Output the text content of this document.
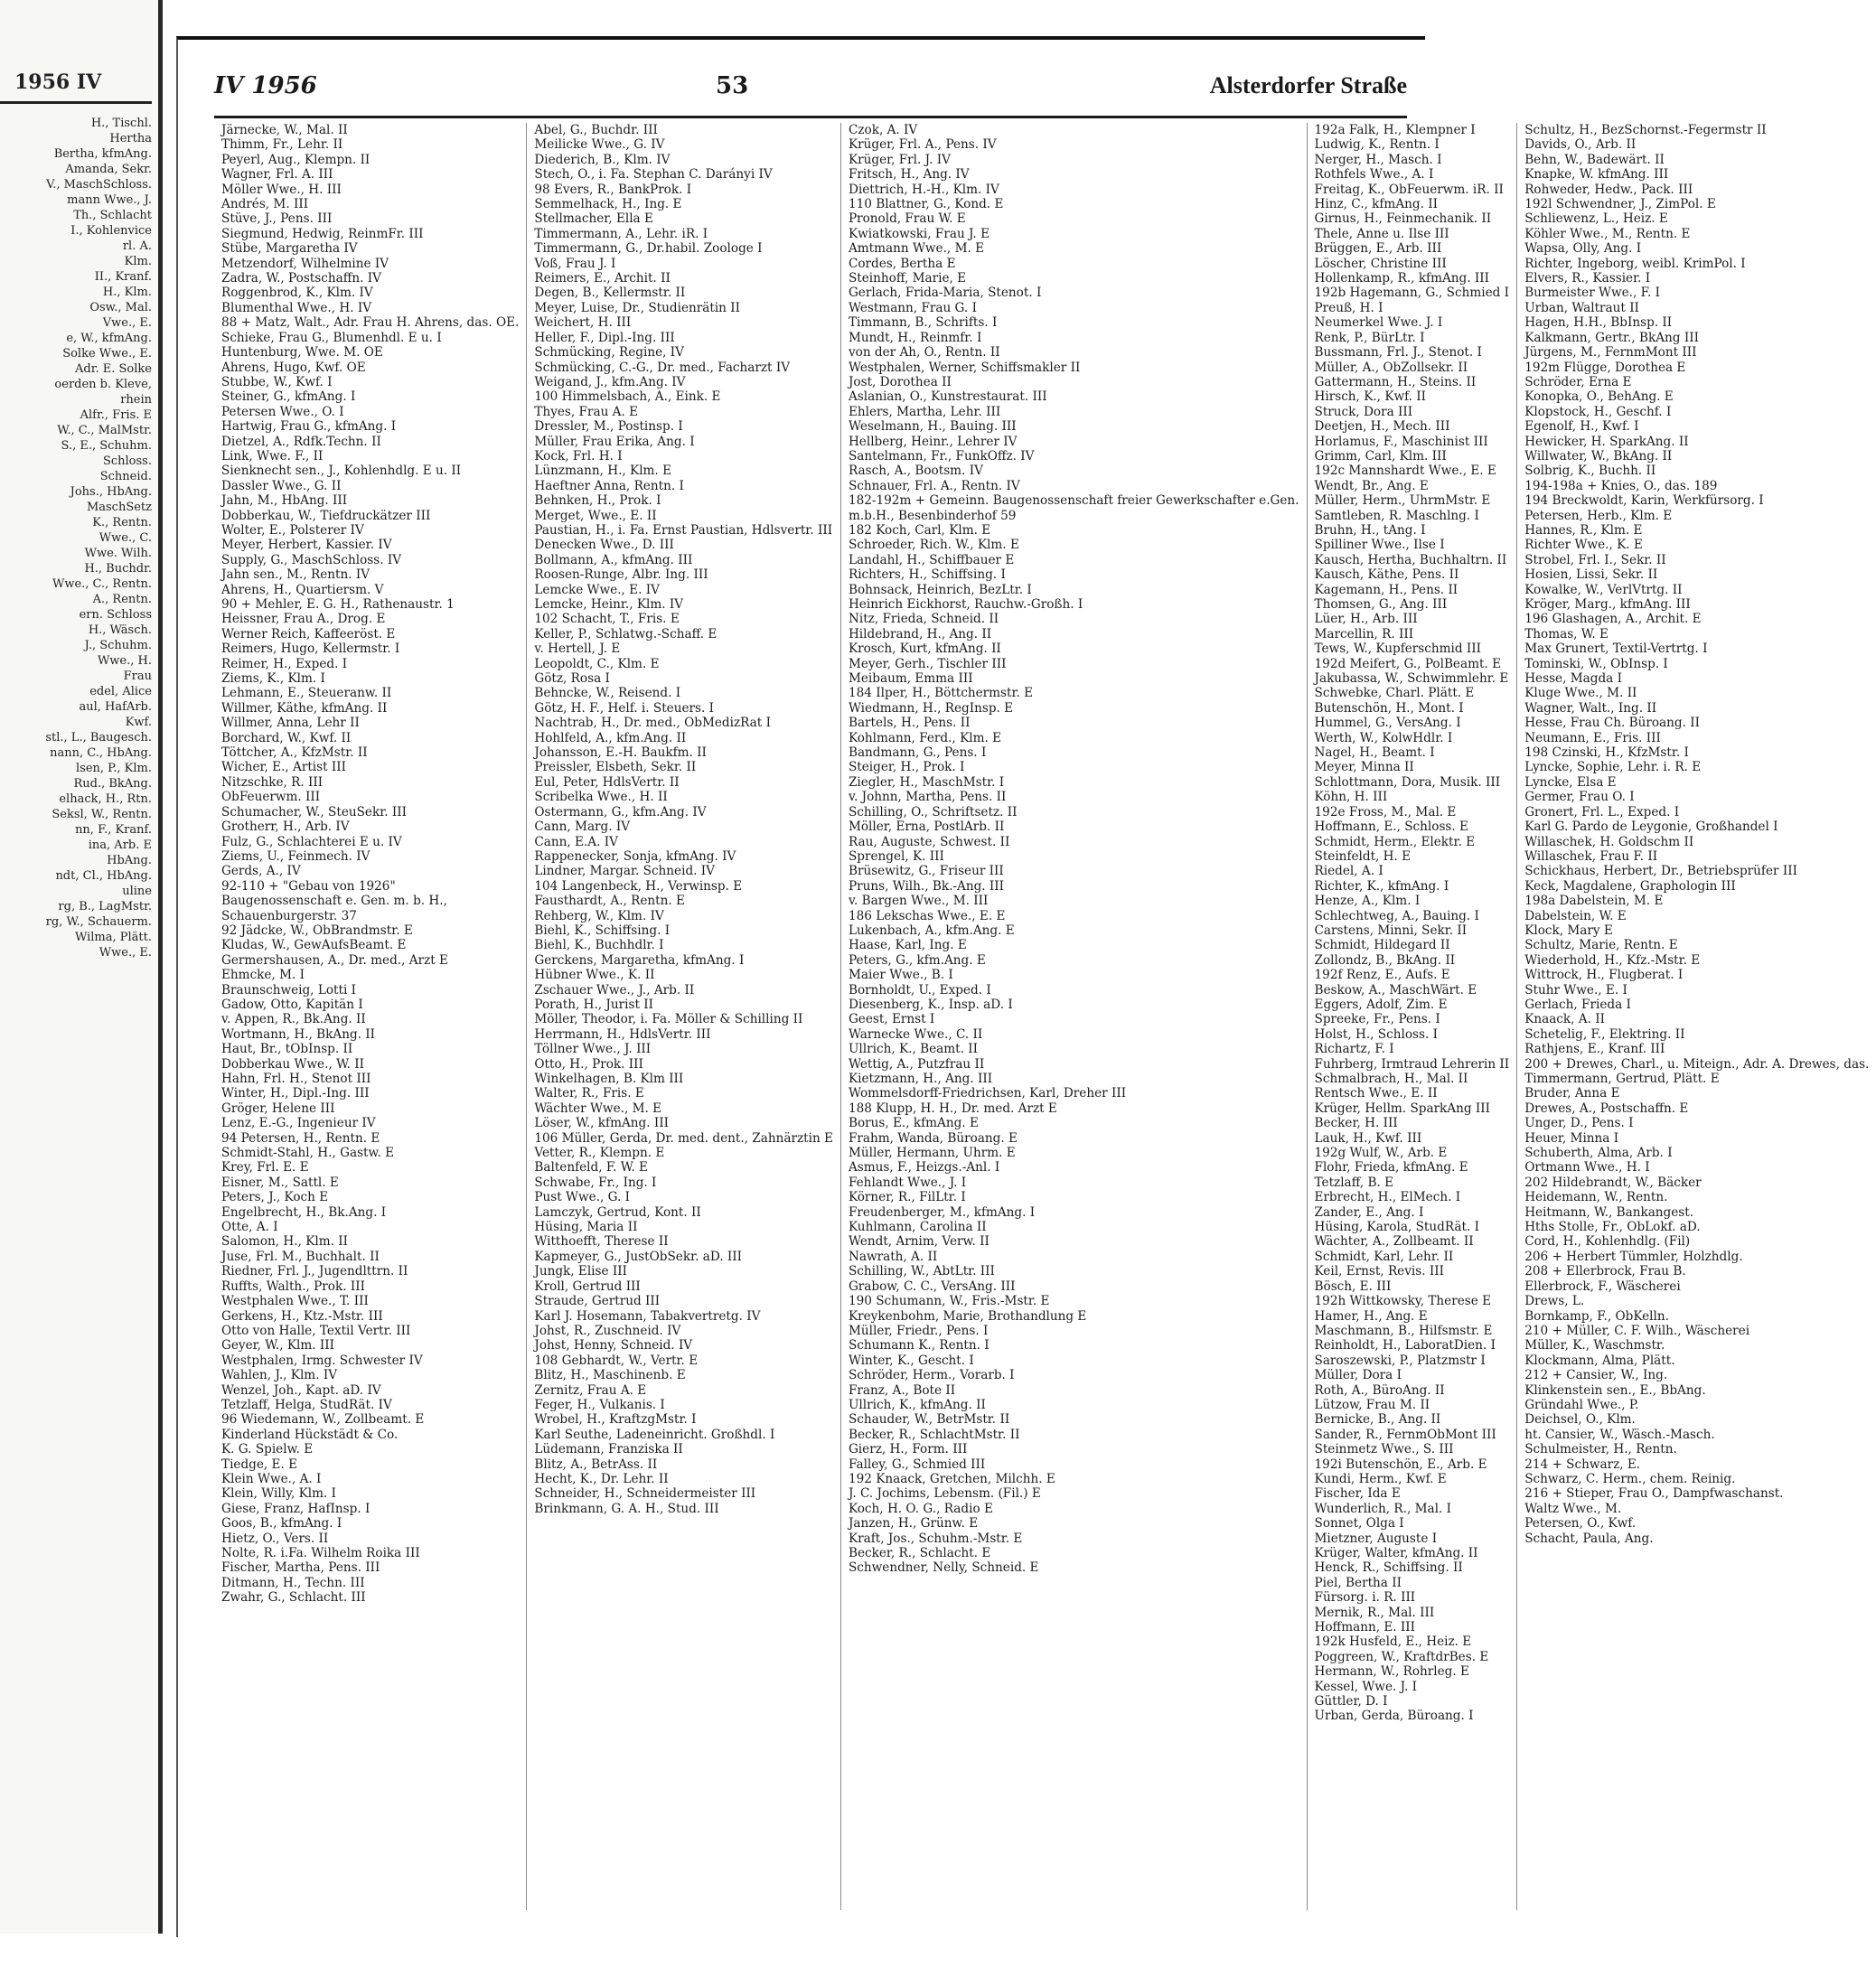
1956 IV
H., Tischl.
Hertha
Bertha, kfmAng.
Amanda, Sekr.
V., MaschSchloss.
mann Wwe., J.
Th., Schlacht
I., Kohlenvice
rl. A.
Klm.
II., Kranf.
H., Klm.
Osw., Mal.
Vwe., E.
e, W., kfmAng.
Solke Wwe., E.
Adr. E. Solke
oerden b. Kleve,
rhein
Alfr., Fris. E
W., C., MalMstr.
S., E., Schuhm.
Schloss.
Schneid.
Johs., HbAng.
MaschSetz
K., Rentn.
Wwe., C.
Wwe. Wilh.
H., Buchdr.
Wwe., C., Rentn.
A., Rentn.
ern. Schloss
H., Wäsch.
J., Schuhm.
Wwe., H.
Frau
edel, Alice
aul, HafArb.
Kwf.
stl., L., Baugesch.
nann, C., HbAng.
lsen, P., Klm.
Rud., BkAng.
elhack, H., Rtn.
Seksl, W., Rentn.
nn, F., Kranf.
ina, Arb. E
HbAng.
ndt, Cl., HbAng.
uline
rg, B., LagMstr.
rg, W., Schauerm.
Wilma, Plätt.
Wwe., E.
IV 1956	53	Alsterdorfer Straße
Järnecke, W., Mal. II
Thimm, Fr., Lehr. II
Peyerl, Aug., Klempn. II
Wagner, Frl. A. III
Möller Wwe., H. III
Andrés, M. III
Stüve, J., Pens. III
Siegmund, Hedwig, ReinmFr. III
Stübe, Margaretha IV
Metzendorf, Wilhelmine IV
Zadra, W., Postschaffn. IV
Roggenbrod, K., Klm. IV
Blumenthal Wwe., H. IV
88 + Matz, Walt., Adr. Frau H. Ahrens, das. OE.
Schieke, Frau G., Blumenhdl. E u. I
Huntenburg, Wwe. M. OE
Ahrens, Hugo, Kwf. OE
Stubbe, W., Kwf. I
Steiner, G., kfmAng. I
Petersen Wwe., O. I
Hartwig, Frau G., kfmAng. I
Dietzel, A., Rdfk.Techn. II
Link, Wwe. F., II
Sienknecht sen., J., Kohlenhdlg. E u. II
Dassler Wwe., G. II
Jahn, M., HbAng. III
Dobberkau, W., Tiefdruckätzer III
Wolter, E., Polsterer IV
Meyer, Herbert, Kassier. IV
Supply, G., MaschSchloss. IV
Jahn sen., M., Rentn. IV
Ahrens, H., Quartiersm. V
90 + Mehler, E. G. H., Rathenaustr. 1
Heissner, Frau A., Drog. E
Werner Reich, Kaffeeröst. E
Reimers, Hugo, Kellermstr. I
Reimer, H., Exped. I
Ziems, K., Klm. I
Lehmann, E., Steueranw. II
Willmer, Käthe, kfmAng. II
Willmer, Anna, Lehr II
Borchard, W., Kwf. II
Töttcher, A., KfzMstr. II
Wicher, E., Artist III
Nitzschke, R. III
ObFeuerwm. III
Schumacher, W., SteuSekr. III
Grotherr, H., Arb. IV
Fulz, G., Schlachterei E u. IV
Ziems, U., Feinmech. IV
Gerds, A., IV
92-110 + "Gebau von 1926"
Baugenossenschaft e. Gen. m. b. H.,
Schauenburgerstr. 37
92 Jädcke, W., ObBrandmstr. E
Kludas, W., GewAufsBeamt. E
Germershausen, A., Dr. med., Arzt E
Ehmcke, M. I
Braunschweig, Lotti I
Gadow, Otto, Kapitän I
v. Appen, R., Bk.Ang. II
Wortmann, H., BkAng. II
Haut, Br., tObInsp. II
Dobberkau Wwe., W. II
Hahn, Frl. H., Stenot III
Winter, H., Dipl.-Ing. III
Gröger, Helene III
Lenz, E.-G., Ingenieur IV
94 Petersen, H., Rentn. E
Schmidt-Stahl, H., Gastw. E
Krey, Frl. E. E
Eisner, M., Sattl. E
Peters, J., Koch E
Engelbrecht, H., Bk.Ang. I
Otte, A. I
Salomon, H., Klm. II
Juse, Frl. M., Buchhalt. II
Riedner, Frl. J., Jugendlttrn. II
Ruffts, Walth., Prok. III
Westphalen Wwe., T. III
Gerkens, H., Ktz.-Mstr. III
Otto von Halle, Textil Vertr. III
Geyer, W., Klm. III
Westphalen, Irmg. Schwester IV
Wahlen, J., Klm. IV
Wenzel, Joh., Kapt. aD. IV
Tetzlaff, Helga, StudRät. IV
96 Wiedemann, W., Zollbeamt. E
Kinderland Hückstädt & Co.
K. G. Spielw. E
Tiedge, E. E
Klein Wwe., A. I
Klein, Willy, Klm. I
Giese, Franz, HafInsp. I
Goos, B., kfmAng. I
Hietz, O., Vers. II
Nolte, R. i.Fa. Wilhelm Roika III
Fischer, Martha, Pens. III
Ditmann, H., Techn. III
Zwahr, G., Schlacht. III
Abel, G., Buchdr. III
Meilicke Wwe., G. IV
Diederich, B., Klm. IV
Stech, O., i. Fa. Stephan C. Darányi IV
98 Evers, R., BankProk. I
Semmelhack, H., Ing. E
Stellmacher, Ella E
Timmermann, A., Lehr. iR. I
Timmermann, G., Dr.habil. Zoologe I
Voß, Frau J. I
Reimers, E., Archit. II
Degen, B., Kellermstr. II
Meyer, Luise, Dr., Studienrätin II
Weichert, H. III
Heller, F., Dipl.-Ing. III
Schmücking, Regine, IV
Schmücking, C.-G., Dr. med., Facharzt IV
Weigand, J., kfm.Ang. IV
100 Himmelsbach, A., Eink. E
Thyes, Frau A. E
Dressler, M., Postinsp. I
Müller, Frau Erika, Ang. I
Kock, Frl. H. I
Lünzmann, H., Klm. E
Haeftner Anna, Rentn. I
Behnken, H., Prok. I
Merget, Wwe., E. II
Paustian, H., i. Fa. Ernst Paustian, Hdlsvertr. III
Denecken Wwe., D. III
Bollmann, A., kfmAng. III
Roosen-Runge, Albr. Ing. III
Lemcke Wwe., E. IV
Lemcke, Heinr., Klm. IV
102 Schacht, T., Fris. E
Keller, P., Schlatwg.-Schaff. E
v. Hertell, J. E
Leopoldt, C., Klm. E
Götz, Rosa I
Behncke, W., Reisend. I
Götz, H. F., Helf. i. Steuers. I
Nachtrab, H., Dr. med., ObMedizRat I
Hohlfeld, A., kfm.Ang. II
Johansson, E.-H. Baukfm. II
Preissler, Elsbeth, Sekr. II
Eul, Peter, HdlsVertr. II
Scribelka Wwe., H. II
Ostermann, G., kfm.Ang. IV
Cann, Marg. IV
Cann, E.A. IV
Rappenecker, Sonja, kfmAng. IV
Lindner, Margar. Schneid. IV
104 Langenbeck, H., Verwinsp. E
Fausthardt, A., Rentn. E
Rehberg, W., Klm. IV
Biehl, K., Schiffsing. I
Biehl, K., Buchhdlr. I
Gerckens, Margaretha, kfmAng. I
Hübner Wwe., K. II
Zschauer Wwe., J., Arb. II
Porath, H., Jurist II
Möller, Theodor, i. Fa. Möller & Schilling II
Herrmann, H., HdlsVertr. III
Töllner Wwe., J. III
Otto, H., Prok. III
Winkelhagen, B. Klm III
Walter, R., Fris. E
Wächter Wwe., M. E
Löser, W., kfmAng. III
106 Müller, Gerda, Dr. med. dent., Zahnärztin E
Vetter, R., Klempn. E
Baltenfeld, F. W. E
Schwabe, Fr., Ing. I
Pust Wwe., G. I
Lamczyk, Gertrud, Kont. II
Hüsing, Maria II
Witthoefft, Therese II
Kapmeyer, G., JustObSekr. aD. III
Jungk, Elise III
Kroll, Gertrud III
Straude, Gertrud III
Karl J. Hosemann, Tabakvertretg. IV
Johst, R., Zuschneid. IV
Johst, Henny, Schneid. IV
108 Gebhardt, W., Vertr. E
Blitz, H., Maschinenb. E
Zernitz, Frau A. E
Feger, H., Vulkanis. I
Wrobel, H., KraftzgMstr. I
Karl Seuthe, Ladeneinricht. Großhdl. I
Lüdemann, Franziska II
Blitz, A., BetrAss. II
Hecht, K., Dr. Lehr. II
Schneider, H., Schneidermeister III
Brinkmann, G. A. H., Stud. III
Czok, A. IV
Krüger, Frl. A., Pens. IV
Krüger, Frl. J. IV
Fritsch, H., Ang. IV
Diettrich, H.-H., Klm. IV
110 Blattner, G., Kond. E
Pronold, Frau W. E
Kwiatkowski, Frau J. E
Amtmann Wwe., M. E
Cordes, Bertha E
Steinhoff, Marie, E
Gerlach, Frida-Maria, Stenot. I
Westmann, Frau G. I
Timmann, B., Schrifts. I
Mundt, H., Reinmfr. I
von der Ah, O., Rentn. II
Westphalen, Werner, Schiffsmakler II
Jost, Dorothea II
Aslanian, O., Kunstrestaurat. III
Ehlers, Martha, Lehr. III
Weselmann, H., Bauing. III
Hellberg, Heinr., Lehrer IV
Santelmann, Fr., FunkOffz. IV
Rasch, A., Bootsm. IV
Schnauer, Frl. A., Rentn. IV
182-192m + Gemeinn. Baugenossenschaft freier Gewerkschafter e.Gen.
m.b.H., Besenbinderhof 59
182 Koch, Carl, Klm. E
Schroeder, Rich. W., Klm. E
Landahl, H., Schiffbauer E
Richters, H., Schiffsing. I
Bohnsack, Heinrich, BezLtr. I
Heinrich Eickhorst, Rauchw.-Großh. I
Nitz, Frieda, Schneid. II
Hildebrand, H., Ang. II
Krosch, Kurt, kfmAng. II
Meyer, Gerh., Tischler III
Meibaum, Emma III
184 Ilper, H., Böttchermstr. E
Wiedmann, H., RegInsp. E
Bartels, H., Pens. II
Kohlmann, Ferd., Klm. E
Bandmann, G., Pens. I
Steiger, H., Prok. I
Ziegler, H., MaschMstr. I
v. Johnn, Martha, Pens. II
Schilling, O., Schriftsetz. II
Möller, Erna, PostlArb. II
Rau, Auguste, Schwest. II
Sprengel, K. III
Brüsewitz, G., Friseur III
Pruns, Wilh., Bk.-Ang. III
v. Bargen Wwe., M. III
186 Lekschas Wwe., E. E
Lukenbach, A., kfm.Ang. E
Haase, Karl, Ing. E
Peters, G., kfm.Ang. E
Maier Wwe., B. I
Bornholdt, U., Exped. I
Diesenberg, K., Insp. aD. I
Geest, Ernst I
Warnecke Wwe., C. II
Ullrich, K., Beamt. II
Wettig, A., Putzfrau II
Kietzmann, H., Ang. III
Wommelsdorff-Friedrichsen, Karl, Dreher III
188 Klupp, H. H., Dr. med. Arzt E
Borus, E., kfmAng. E
Frahm, Wanda, Büroang. E
Müller, Hermann, Uhrm. E
Asmus, F., Heizgs.-Anl. I
Fehlandt Wwe., J. I
Körner, R., FilLtr. I
Freudenberger, M., kfmAng. I
Kuhlmann, Carolina II
Wendt, Arnim, Verw. II
Nawrath, A. II
Schilling, W., AbtLtr. III
Grabow, C. C., VersAng. III
190 Schumann, W., Fris.-Mstr. E
Kreykenbohm, Marie, Brothandlung E
Müller, Friedr., Pens. I
Schumann K., Rentn. I
Winter, K., Gescht. I
Schröder, Herm., Vorarb. I
Franz, A., Bote II
Ullrich, K., kfmAng. II
Schauder, W., BetrMstr. II
Becker, R., SchlachtMstr. II
Gierz, H., Form. III
Falley, G., Schmied III
192 Knaack, Gretchen, Milchh. E
J. C. Jochims, Lebensm. (Fil.) E
Koch, H. O. G., Radio E
Janzen, H., Grünw. E
Kraft, Jos., Schuhm.-Mstr. E
Becker, R., Schlacht. E
Schwendner, Nelly, Schneid. E
192a Falk, H., Klempner I
Ludwig, K., Rentn. I
Nerger, H., Masch. I
Rothfels Wwe., A. I
Freitag, K., ObFeuerwm. iR. II
Hinz, C., kfmAng. II
Girnus, H., Feinmechanik. II
Thele, Anne u. Ilse III
Brüggen, E., Arb. III
Löscher, Christine III
Hollenkamp, R., kfmAng. III
192b Hagemann, G., Schmied I
Preuß, H. I
Neumerkel Wwe. J. I
Renk, P., BürLtr. I
Bussmann, Frl. J., Stenot. I
Müller, A., ObZollsekr. II
Gattermann, H., Steins. II
Hirsch, K., Kwf. II
Struck, Dora III
Deetjen, H., Mech. III
Horlamus, F., Maschinist III
Grimm, Carl, Klm. III
192c Mannshardt Wwe., E. E
Wendt, Br., Ang. E
Müller, Herm., UhrmMstr. E
Samtleben, R. Maschlng. I
Bruhn, H., tAng. I
Spilliner Wwe., Ilse I
Kausch, Hertha, Buchhaltrn. II
Kausch, Käthe, Pens. II
Kagemann, H., Pens. II
Thomsen, G., Ang. III
Lüer, H., Arb. III
Marcellin, R. III
Tews, W., Kupferschmid III
192d Meifert, G., PolBeamt. E
Jakubassa, W., Schwimmlehr. E
Schwebke, Charl. Plätt. E
Butenschön, H., Mont. I
Hummel, G., VersAng. I
Werth, W., KolwHdlr. I
Nagel, H., Beamt. I
Meyer, Minna II
Schlottmann, Dora, Musik. III
Köhn, H. III
192e Fross, M., Mal. E
Hoffmann, E., Schloss. E
Schmidt, Herm., Elektr. E
Steinfeldt, H. E
Riedel, A. I
Richter, K., kfmAng. I
Henze, A., Klm. I
Schlechtweg, A., Bauing. I
Carstens, Minni, Sekr. II
Schmidt, Hildegard II
Zollondz, B., BkAng. II
192f Renz, E., Aufs. E
Beskow, A., MaschWärt. E
Eggers, Adolf, Zim. E
Spreeke, Fr., Pens. I
Holst, H., Schloss. I
Richartz, F. I
Fuhrberg, Irmtraud Lehrerin II
Schmalbrach, H., Mal. II
Rentsch Wwe., E. II
Krüger, Hellm. SparkAng III
Becker, H. III
Lauk, H., Kwf. III
192g Wulf, W., Arb. E
Flohr, Frieda, kfmAng. E
Tetzlaff, B. E
Erbrecht, H., ElMech. I
Zander, E., Ang. I
Hüsing, Karola, StudRät. I
Wächter, A., Zollbeamt. II
Schmidt, Karl, Lehr. II
Keil, Ernst, Revis. III
Bösch, E. III
192h Wittkowsky, Therese E
Hamer, H., Ang. E
Maschmann, B., Hilfsmstr. E
Reinholdt, H., LaboratDien. I
Saroszewski, P., Platzmstr I
Müller, Dora I
Roth, A., BüroAng. II
Lützow, Frau M. II
Bernicke, B., Ang. II
Sander, R., FernmObMont III
Steinmetz Wwe., S. III
192i Butenschön, E., Arb. E
Kundi, Herm., Kwf. E
Fischer, Ida E
Wunderlich, R., Mal. I
Sonnet, Olga I
Mietzner, Auguste I
Krüger, Walter, kfmAng. II
Henck, R., Schiffsing. II
Piel, Bertha II
Fürsorg. i. R. III
Mernik, R., Mal. III
Hoffmann, E. III
192k Husfeld, E., Heiz. E
Poggreen, W., KraftdrBes. E
Hermann, W., Rohrleg. E
Kessel, Wwe. J. I
Güttler, D. I
Urban, Gerda, Büroang. I
Schultz, H., BezSchornst.-Fegermstr II
Davids, O., Arb. II
Behn, W., Badewärt. II
Knapke, W. kfmAng. III
Rohweder, Hedw., Pack. III
192l Schwendner, J., ZimPol. E
Schliewenz, L., Heiz. E
Köhler Wwe., M., Rentn. E
Wapsa, Olly, Ang. I
Richter, Ingeborg, weibl. KrimPol. I
Elvers, R., Kassier. I
Burmeister Wwe., F. I
Urban, Waltraut II
Hagen, H.H., BbInsp. II
Kalkmann, Gertr., BkAng III
Jürgens, M., FernmMont III
192m Flügge, Dorothea E
Schröder, Erna E
Konopka, O., BehAng. E
Klopstock, H., Geschf. I
Egenolf, H., Kwf. I
Hewicker, H. SparkAng. II
Willwater, W., BkAng. II
Solbrig, K., Buchh. II
194-198a + Knies, O., das. 189
194 Breckwoldt, Karin, Werkfürsorg. I
Petersen, Herb., Klm. E
Hannes, R., Klm. E
Richter Wwe., K. E
Strobel, Frl. I., Sekr. II
Hosien, Lissi, Sekr. II
Kowalke, W., VerlVtrtg. II
Kröger, Marg., kfmAng. III
196 Glashagen, A., Archit. E
Thomas, W. E
Max Grunert, Textil-Vertrtg. I
Tominski, W., ObInsp. I
Hesse, Magda I
Kluge Wwe., M. II
Wagner, Walt., Ing. II
Hesse, Frau Ch. Büroang. II
Neumann, E., Fris. III
198 Czinski, H., KfzMstr. I
Lyncke, Sophie, Lehr. i. R. E
Lyncke, Elsa E
Germer, Frau O. I
Gronert, Frl. L., Exped. I
Karl G. Pardo de Leygonie, Großhandel I
Willaschek, H. Goldschm II
Willaschek, Frau F. II
Schickhaus, Herbert, Dr., Betriebsprüfer III
Keck, Magdalene, Graphologin III
198a Dabelstein, M. E
Dabelstein, W. E
Klock, Mary E
Schultz, Marie, Rentn. E
Wiederhold, H., Kfz.-Mstr. E
Wittrock, H., Flugberat. I
Stuhr Wwe., E. I
Gerlach, Frieda I
Knaack, A. II
Schetelig, F., Elektring. II
Rathjens, E., Kranf. III
200 + Drewes, Charl., u. Miteign., Adr. A. Drewes, das.
Timmermann, Gertrud, Plätt. E
Bruder, Anna E
Drewes, A., Postschaffn. E
Unger, D., Pens. I
Heuer, Minna I
Schuberth, Alma, Arb. I
Ortmann Wwe., H. I
202 Hildebrandt, W., Bäcker
Heidemann, W., Rentn.
Heitmann, W., Bankangest.
Hths Stolle, Fr., ObLokf. aD.
Cord, H., Kohlenhdlg. (Fil)
206 + Herbert Tümmler, Holzhdlg.
208 + Ellerbrock, Frau B.
Ellerbrock, F., Wäscherei
Drews, L.
Bornkamp, F., ObKelln.
210 + Müller, C. F. Wilh., Wäscherei
Müller, K., Waschmstr.
Klockmann, Alma, Plätt.
212 + Cansier, W., Ing.
Klinkenstein sen., E., BbAng.
Gründahl Wwe., P.
Deichsel, O., Klm.
ht. Cansier, W., Wäsch.-Masch.
Schulmeister, H., Rentn.
214 + Schwarz, E.
Schwarz, C. Herm., chem. Reinig.
216 + Stieper, Frau O., Dampfwaschanst.
Waltz Wwe., M.
Petersen, O., Kwf.
Schacht, Paula, Ang.
